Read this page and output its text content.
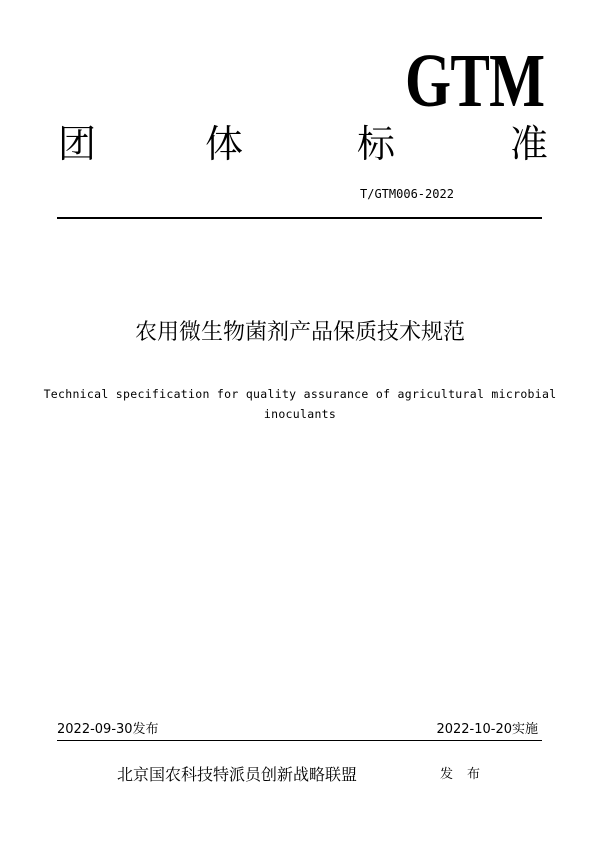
GTM
团	体	标	准
T/GTM006-2022
农用微生物菌剂产品保质技术规范
Technical specification for quality assurance of agricultural microbial
inoculants
2022-09-30发布	2022-10-20实施
北京国农科技特派员创新战略联盟	发布
